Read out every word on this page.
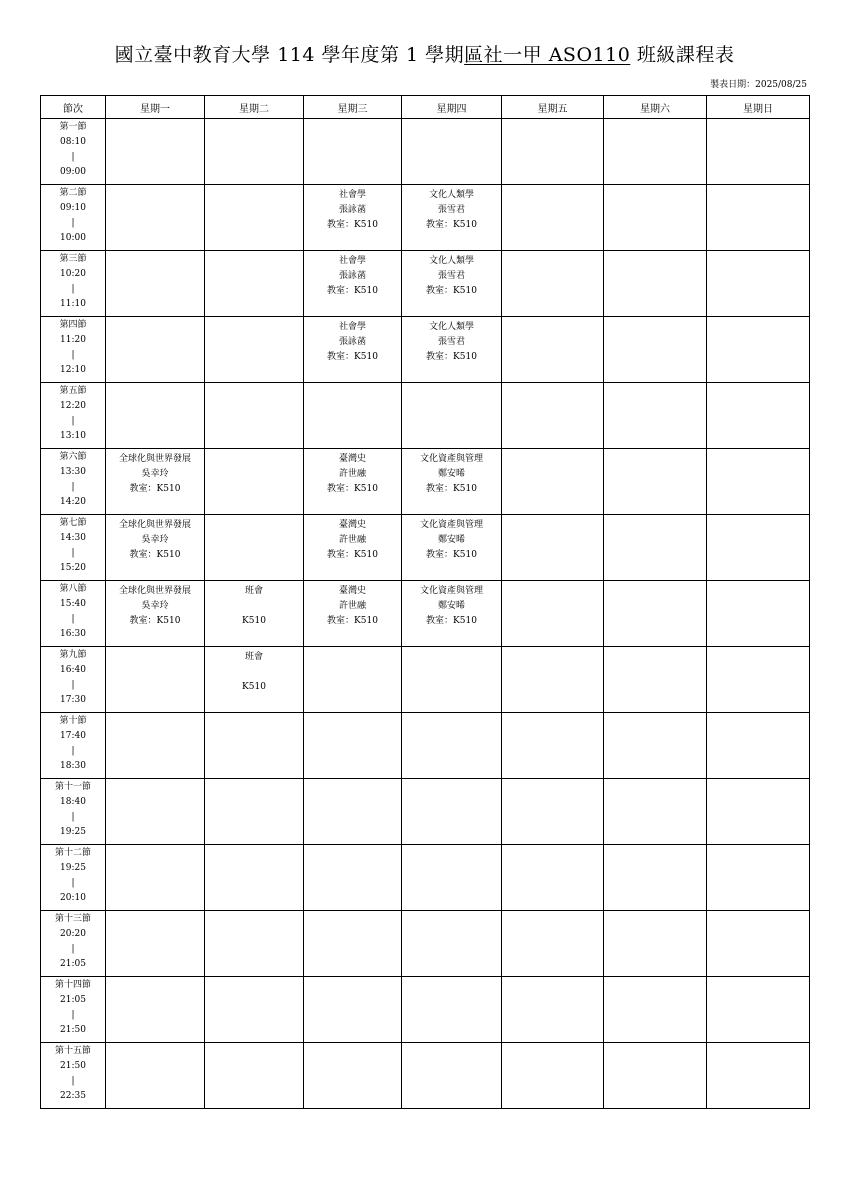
國立臺中教育大學 114 學年度第 1 學期區社一甲 ASO110 班級課程表
製表日期：2025/08/25
節次	星期一	星期二	星期三	星期四	星期五	星期六	星期日

第一節
08:10
|
09:00							

第二節
09:10
|
10:00			社會學
張詠菡
教室：K510	文化人類學
張雪君
教室：K510			

第三節
10:20
|
11:10			社會學
張詠菡
教室：K510	文化人類學
張雪君
教室：K510			

第四節
11:20
|
12:10			社會學
張詠菡
教室：K510	文化人類學
張雪君
教室：K510			

第五節
12:20
|
13:10							

第六節
13:30
|
14:20	全球化與世界發展
吳幸玲
教室：K510		臺灣史
許世融
教室：K510	文化資產與管理
鄭安晞
教室：K510			

第七節
14:30
|
15:20	全球化與世界發展
吳幸玲
教室：K510		臺灣史
許世融
教室：K510	文化資產與管理
鄭安晞
教室：K510			

第八節
15:40
|
16:30	全球化與世界發展
吳幸玲
教室：K510	班會
K510	臺灣史
許世融
教室：K510	文化資產與管理
鄭安晞
教室：K510			

第九節
16:40
|
17:30		班會
K510					

第十節
17:40
|
18:30							

第十一節
18:40
|
19:25							

第十二節
19:25
|
20:10							

第十三節
20:20
|
21:05							

第十四節
21:05
|
21:50							

第十五節
21:50
|
22:35							
